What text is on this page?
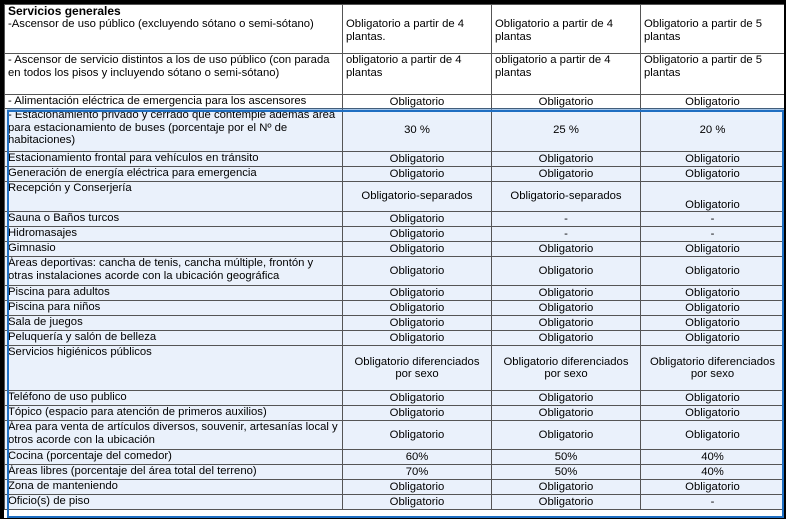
Servicios generales
-Ascensor de uso público (excluyendo sótano o semi-sótano)	Obligatorio a partir de 4 plantas.	Obligatorio a partir de 4 plantas	Obligatorio a partir de 5 plantas
- Ascensor de servicio distintos a los de uso público (con parada en todos los pisos y incluyendo sótano o semi-sótano)	obligatorio a partir de 4 plantas	obligatorio a partir de 4 plantas	Obligatorio a partir de 5 plantas
- Alimentación eléctrica de emergencia para los ascensores	Obligatorio	Obligatorio	Obligatorio
- Estacionamiento privado y cerrado que contemple además área para estacionamiento de buses (porcentaje por el Nº de habitaciones)	30 %	25 %	20 %
Estacionamiento frontal para vehículos en tránsito	Obligatorio	Obligatorio	Obligatorio
Generación de energía eléctrica para emergencia	Obligatorio	Obligatorio	Obligatorio
Recepción y Conserjería	Obligatorio-separados	Obligatorio-separados	Obligatorio
Sauna o Baños turcos	Obligatorio	-	-
Hidromasajes	Obligatorio	-	-
Gimnasio	Obligatorio	Obligatorio	Obligatorio
Áreas deportivas: cancha de tenis, cancha múltiple, frontón y otras instalaciones acorde con la ubicación geográfica	Obligatorio	Obligatorio	Obligatorio
Piscina para adultos	Obligatorio	Obligatorio	Obligatorio
Piscina para niños	Obligatorio	Obligatorio	Obligatorio
Sala de juegos	Obligatorio	Obligatorio	Obligatorio
Peluquería y salón de belleza	Obligatorio	Obligatorio	Obligatorio
Servicios higiénicos públicos	Obligatorio diferenciados por sexo	Obligatorio diferenciados por sexo	Obligatorio diferenciados por sexo
Teléfono de uso publico	Obligatorio	Obligatorio	Obligatorio
Tópico (espacio para atención de primeros auxilios)	Obligatorio	Obligatorio	Obligatorio
Área para venta de artículos diversos, souvenir, artesanías local y otros acorde con la ubicación	Obligatorio	Obligatorio	Obligatorio
Cocina (porcentaje del comedor)	60%	50%	40%
Áreas libres (porcentaje del área total del terreno)	70%	50%	40%
Zona de manteniendo	Obligatorio	Obligatorio	Obligatorio
Oficio(s) de piso	Obligatorio	Obligatorio	-
